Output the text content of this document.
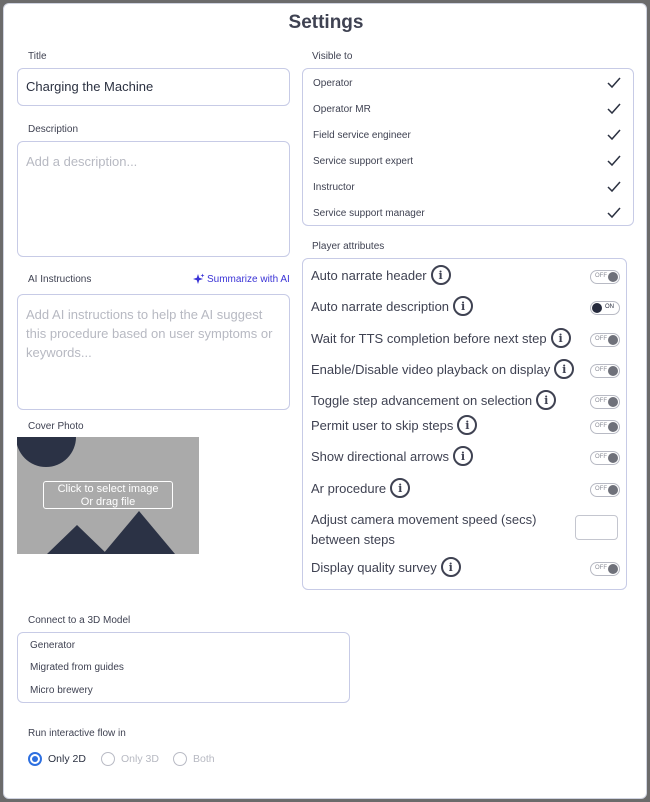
Settings
Title
Charging the Machine
Description
Add a description...
AI Instructions	Summarize with AI
Add AI instructions to help the AI suggest
this procedure based on user symptoms or
keywords...
Cover Photo
Click to select image
Or drag file
Visible to
Operator
Operator MR
Field service engineer
Service support expert
Instructor
Service support manager
Player attributes
Auto narrate header	i	OFF
Auto narrate description	i	ON
Wait for TTS completion before next step	i	OFF
Enable/Disable video playback on display	i	OFF
Toggle step advancement on selection	i	OFF
Permit user to skip steps	i	OFF
Show directional arrows	i	OFF
Ar procedure	i	OFF
Adjust camera movement speed (secs)
between steps
Display quality survey	i	OFF
Connect to a 3D Model
Generator
Migrated from guides
Micro brewery
Run interactive flow in
Only 2D	Only 3D	Both
